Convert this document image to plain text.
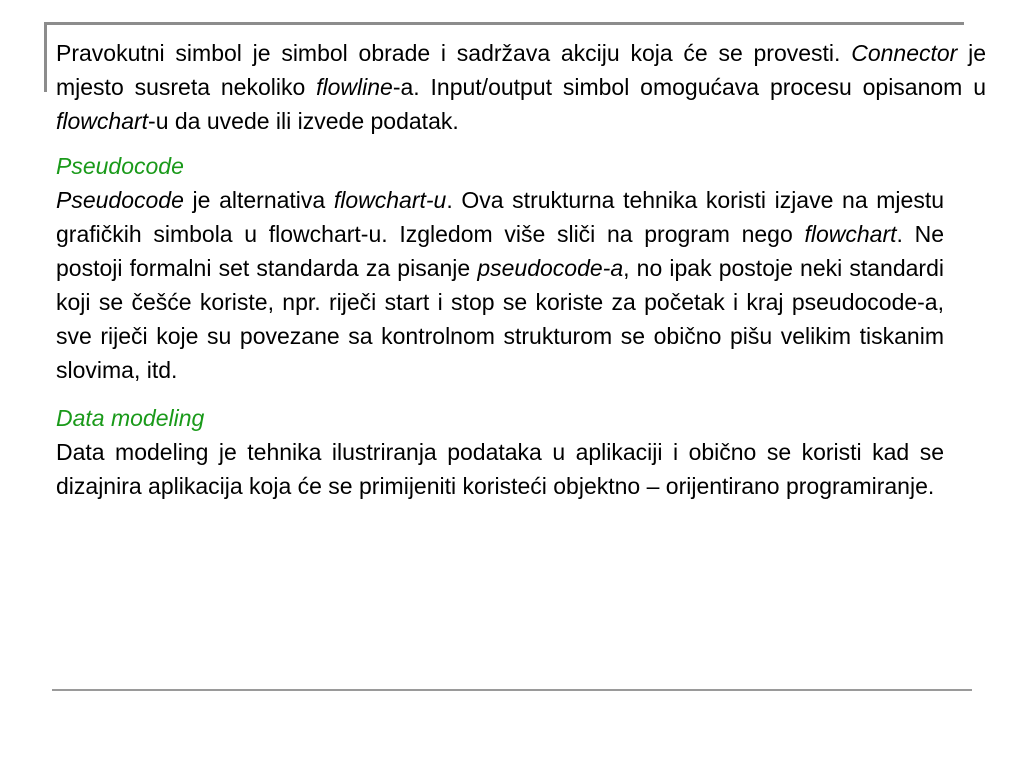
Pravokutni simbol je simbol obrade i sadržava akciju koja će se provesti. Connector je mjesto susreta nekoliko flowline-a. Input/output simbol omogućava procesu opisanom u flowchart-u da uvede ili izvede podatak.

Pseudocode

Pseudocode je alternativa flowchart-u. Ova strukturna tehnika koristi izjave na mjestu grafičkih simbola u flowchart-u. Izgledom više sliči na program nego flowchart. Ne postoji formalni set standarda za pisanje pseudocode-a, no ipak postoje neki standardi koji se češće koriste, npr. riječi start i stop se koriste za početak i kraj pseudocode-a, sve riječi koje su povezane sa kontrolnom strukturom se obično pišu velikim tiskanim slovima, itd.

Data modeling

Data modeling je tehnika ilustriranja podataka u aplikaciji i obično se koristi kad se dizajnira aplikacija koja će se primijeniti koristeći objektno – orijentirano programiranje.
